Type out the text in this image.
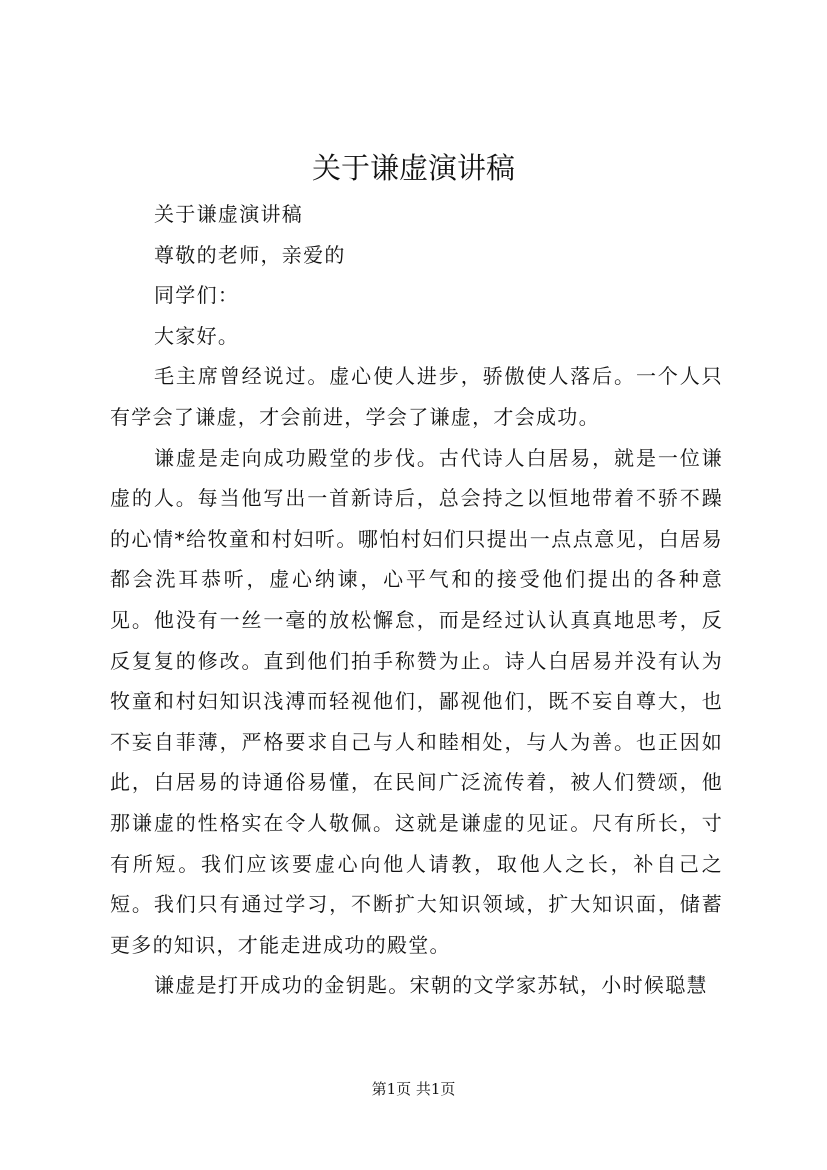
关于谦虚演讲稿

关于谦虚演讲稿

尊敬的老师，亲爱的

同学们：

大家好。

毛主席曾经说过。虚心使人进步，骄傲使人落后。一个人只有学会了谦虚，才会前进，学会了谦虚，才会成功。

谦虚是走向成功殿堂的步伐。古代诗人白居易，就是一位谦虚的人。每当他写出一首新诗后，总会持之以恒地带着不骄不躁的心情*给牧童和村妇听。哪怕村妇们只提出一点点意见，白居易都会洗耳恭听，虚心纳谏，心平气和的接受他们提出的各种意见。他没有一丝一毫的放松懈怠，而是经过认认真真地思考，反反复复的修改。直到他们拍手称赞为止。诗人白居易并没有认为牧童和村妇知识浅溥而轻视他们，鄙视他们，既不妄自尊大，也不妄自菲薄，严格要求自己与人和睦相处，与人为善。也正因如此，白居易的诗通俗易懂，在民间广泛流传着，被人们赞颂，他那谦虚的性格实在令人敬佩。这就是谦虚的见证。尺有所长，寸有所短。我们应该要虚心向他人请教，取他人之长，补自己之短。我们只有通过学习，不断扩大知识领域，扩大知识面，储蓄更多的知识，才能走进成功的殿堂。

谦虚是打开成功的金钥匙。宋朝的文学家苏轼，小时候聪慧

第1页 共1页
